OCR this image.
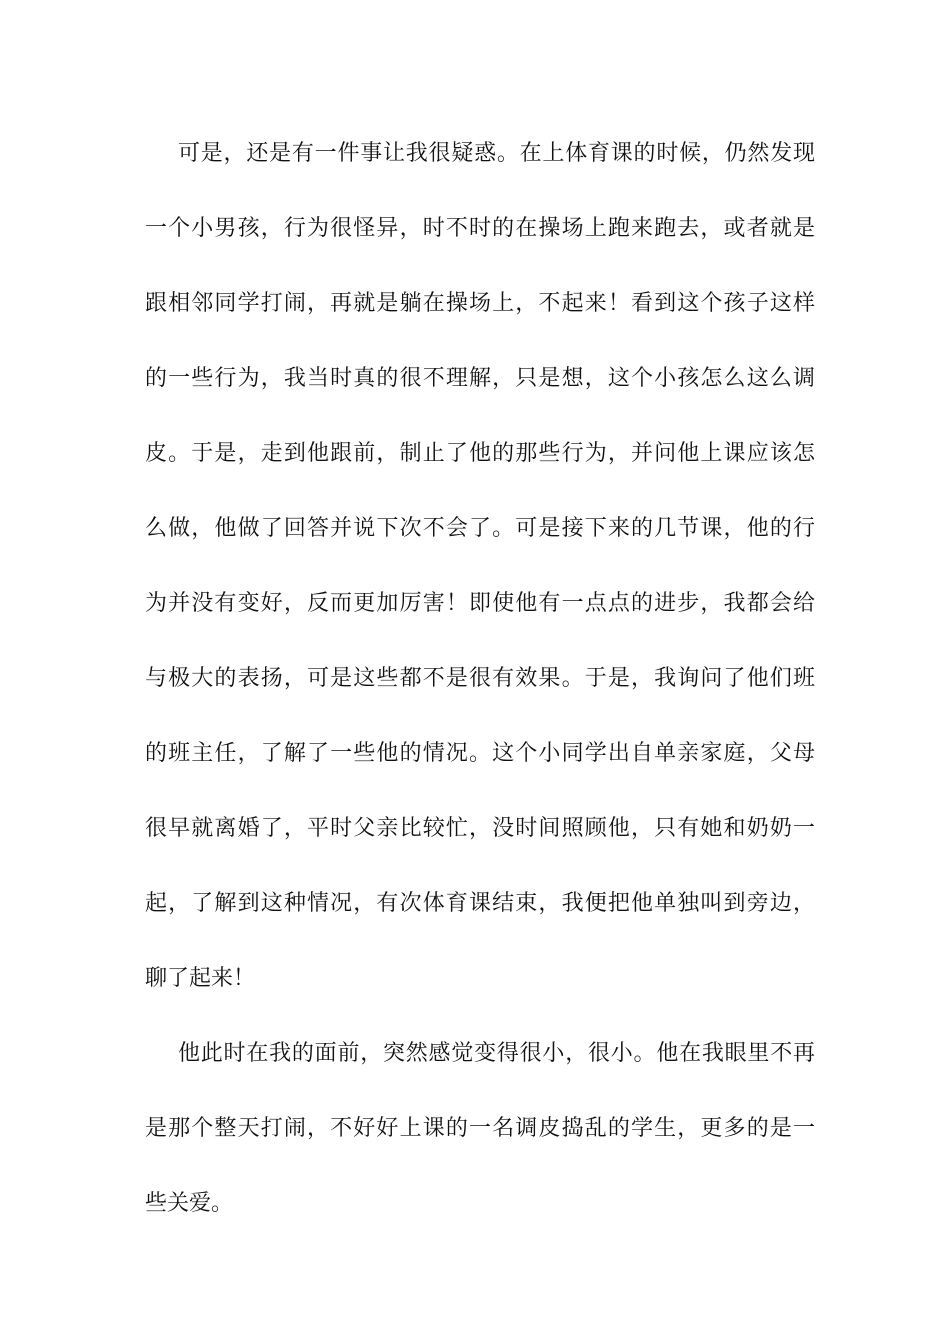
可是，还是有一件事让我很疑惑。在上体育课的时候，仍然发现
一个小男孩，行为很怪异，时不时的在操场上跑来跑去，或者就是
跟相邻同学打闹，再就是躺在操场上，不起来！看到这个孩子这样
的一些行为，我当时真的很不理解，只是想，这个小孩怎么这么调
皮。于是，走到他跟前，制止了他的那些行为，并问他上课应该怎
么做，他做了回答并说下次不会了。可是接下来的几节课，他的行
为并没有变好，反而更加厉害！即使他有一点点的进步，我都会给
与极大的表扬，可是这些都不是很有效果。于是，我询问了他们班
的班主任，了解了一些他的情况。这个小同学出自单亲家庭，父母
很早就离婚了，平时父亲比较忙，没时间照顾他，只有她和奶奶一
起，了解到这种情况，有次体育课结束，我便把他单独叫到旁边，
聊了起来！
他此时在我的面前，突然感觉变得很小，很小。他在我眼里不再
是那个整天打闹，不好好上课的一名调皮捣乱的学生，更多的是一
些关爱。
